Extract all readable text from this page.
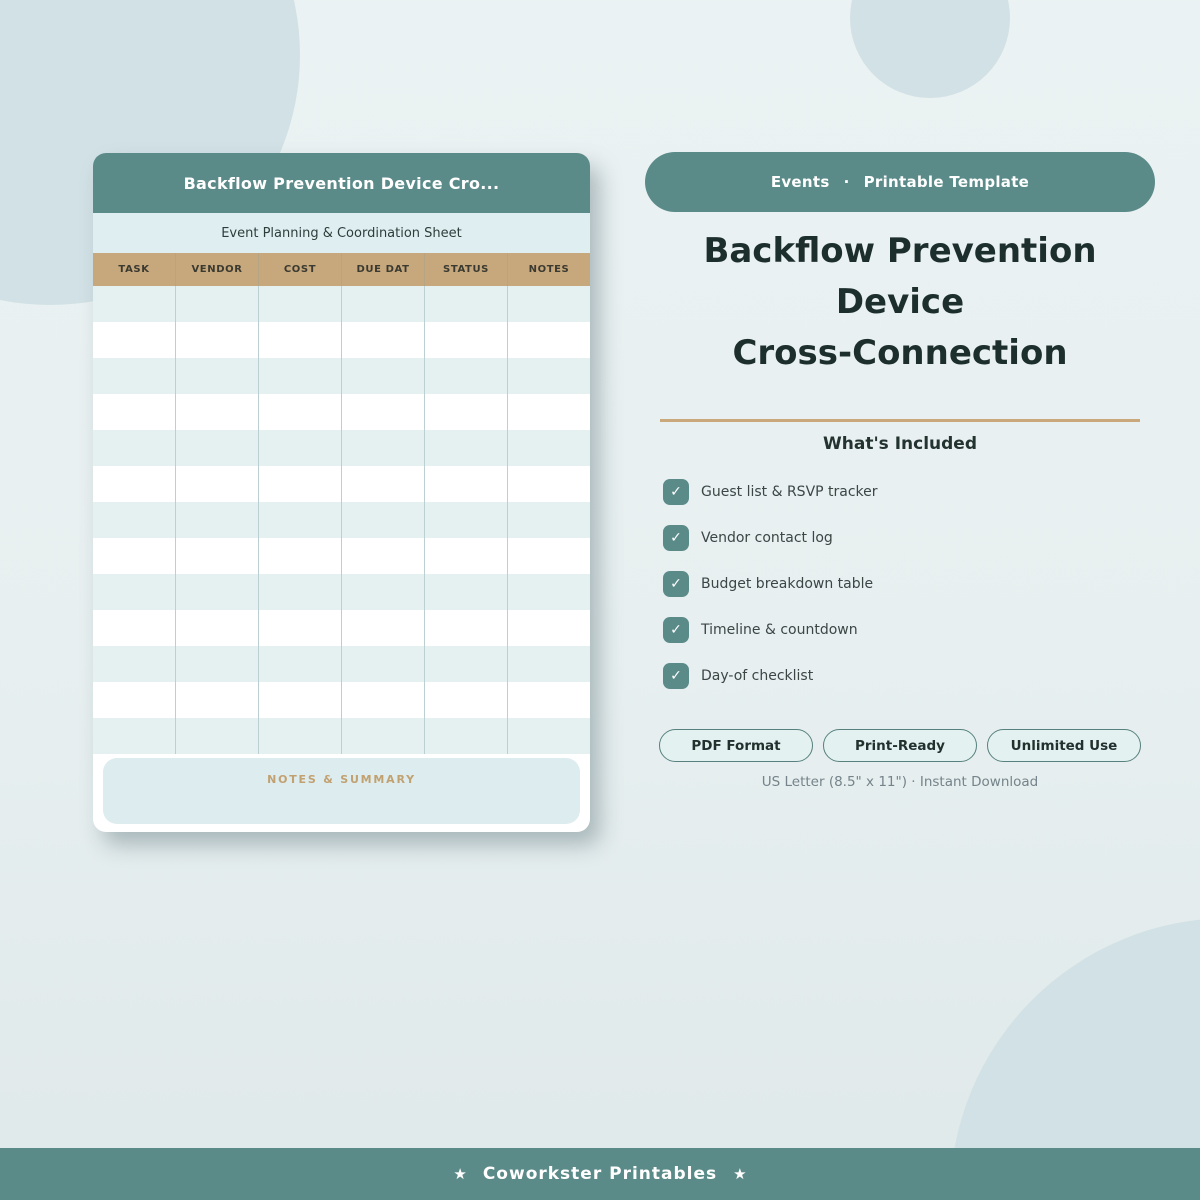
Backflow Prevention Device Cro...
Event Planning & Coordination Sheet
TASK	VENDOR	COST	DUE DAT	STATUS	NOTES
NOTES & SUMMARY
Events · Printable Template
Backflow Prevention
Device
Cross-Connection
What's Included
✓	Guest list & RSVP tracker
✓	Vendor contact log
✓	Budget breakdown table
✓	Timeline & countdown
✓	Day-of checklist
PDF Format	Print-Ready	Unlimited Use
US Letter (8.5" x 11") · Instant Download
★ Coworkster Printables ★
